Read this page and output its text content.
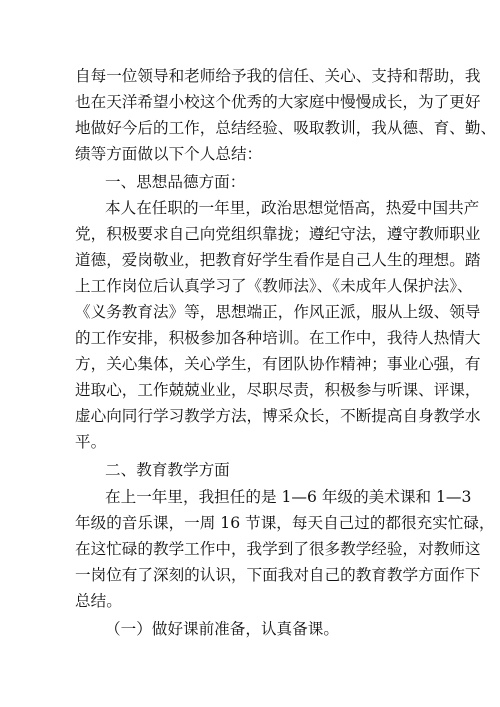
自每一位领导和老师给予我的信任、关心、支持和帮助，我
也在天洋希望小校这个优秀的大家庭中慢慢成长，为了更好
地做好今后的工作，总结经验、吸取教训，我从德、育、勤、
绩等方面做以下个人总结：
一、思想品德方面：
本人在任职的一年里，政治思想觉悟高，热爱中国共产
党，积极要求自己向党组织靠拢；遵纪守法，遵守教师职业
道德，爱岗敬业，把教育好学生看作是自己人生的理想。踏
上工作岗位后认真学习了《教师法》、《未成年人保护法》、
《义务教育法》等，思想端正，作风正派，服从上级、领导
的工作安排，积极参加各种培训。在工作中，我待人热情大
方，关心集体，关心学生，有团队协作精神；事业心强，有
进取心，工作兢兢业业，尽职尽责，积极参与听课、评课，
虚心向同行学习教学方法，博采众长，不断提高自身教学水
平。
二、教育教学方面
在上一年里，我担任的是 1—6 年级的美术课和 1—3
年级的音乐课，一周 16 节课，每天自己过的都很充实忙碌，
在这忙碌的教学工作中，我学到了很多教学经验，对教师这
一岗位有了深刻的认识，下面我对自己的教育教学方面作下
总结。
（一）做好课前准备，认真备课。
